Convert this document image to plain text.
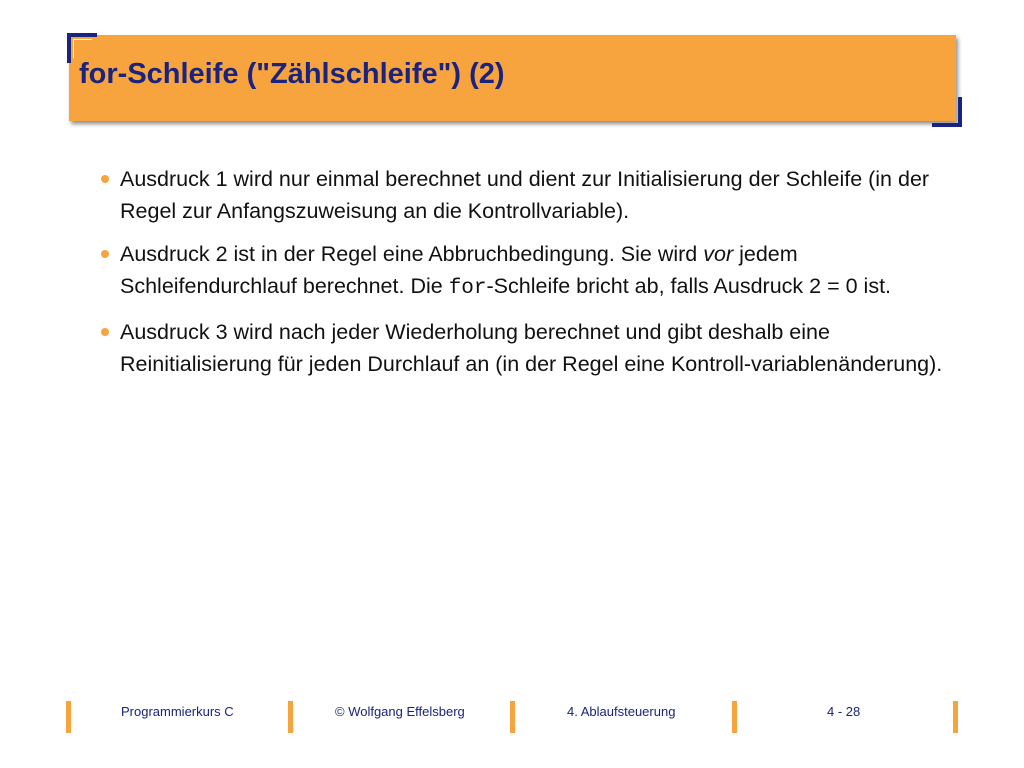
for-Schleife ("Zählschleife") (2)
Ausdruck 1 wird nur einmal berechnet und dient zur Initialisierung der Schleife (in der Regel zur Anfangszuweisung an die Kontrollvariable).
Ausdruck 2 ist in der Regel eine Abbruchbedingung. Sie wird vor jedem Schleifendurchlauf berechnet. Die for-Schleife bricht ab, falls Ausdruck 2 = 0 ist.
Ausdruck 3 wird nach jeder Wiederholung berechnet und gibt deshalb eine Reinitialisierung für jeden Durchlauf an (in der Regel eine Kontroll-variablenänderung).
Programmierkurs C	© Wolfgang Effelsberg	4. Ablaufsteuerung	4 - 28
